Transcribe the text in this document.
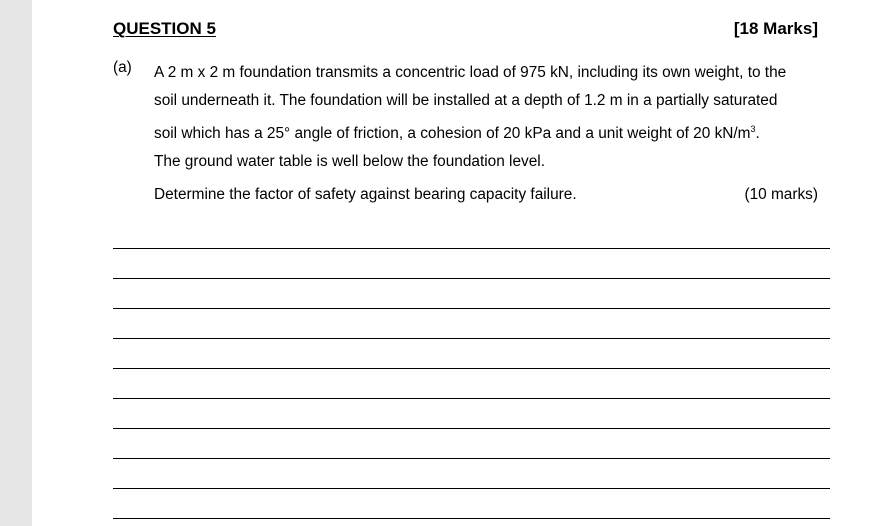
QUESTION 5	[18 Marks]
(a) A 2 m x 2 m foundation transmits a concentric load of 975 kN, including its own weight, to the
soil underneath it. The foundation will be installed at a depth of 1.2 m in a partially saturated
soil which has a 25° angle of friction, a cohesion of 20 kPa and a unit weight of 20 $kN/m^3$.
The ground water table is well below the foundation level.
Determine the factor of safety against bearing capacity failure.	(10 marks)
